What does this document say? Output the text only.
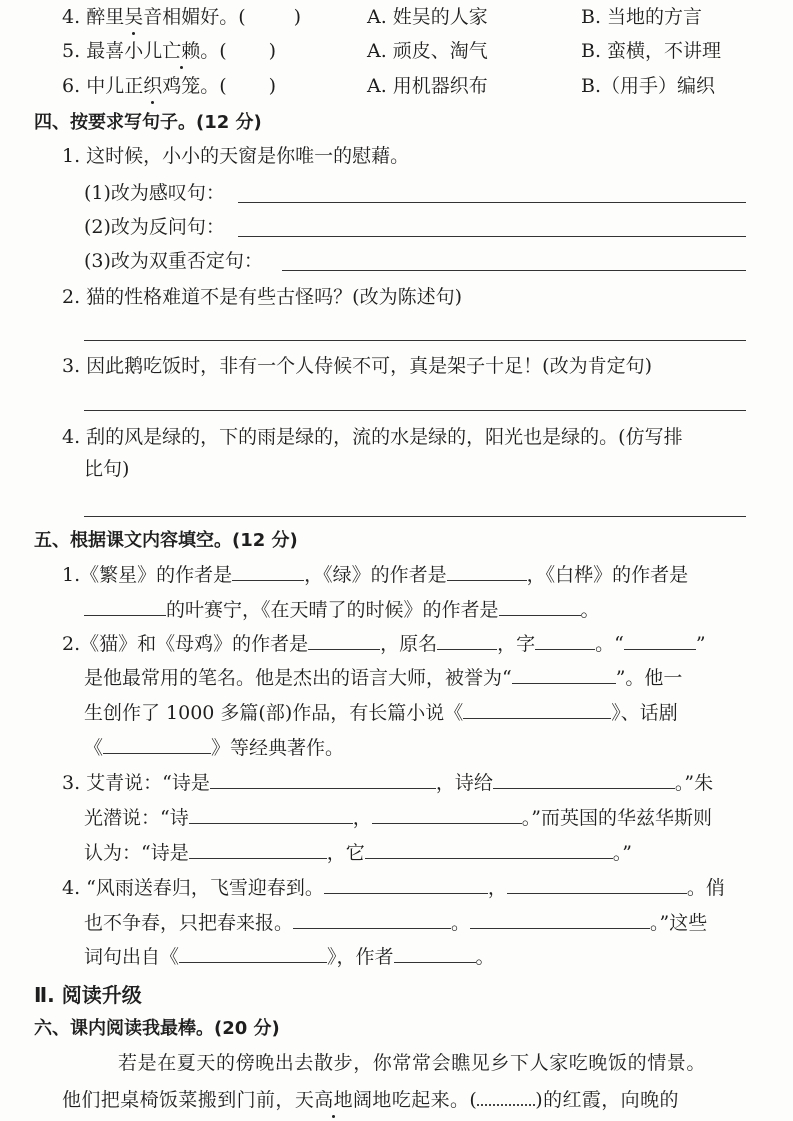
4. 醉里吴音相媚好。(	)	A. 姓吴的人家	B. 当地的方言
5. 最喜小儿亡赖。( )	A. 顽皮、淘气	B. 蛮横，不讲理
6. 中儿正织鸡笼。( )	A. 用机器织布	B.（用手）编织
四、按要求写句子。(12 分)
1. 这时候，小小的天窗是你唯一的慰藉。
(1)改为感叹句：
(2)改为反问句：
(3)改为双重否定句：
2. 猫的性格难道不是有些古怪吗？(改为陈述句)
3. 因此鹅吃饭时，非有一个人侍候不可，真是架子十足！(改为肯定句)
4. 刮的风是绿的，下的雨是绿的，流的水是绿的，阳光也是绿的。(仿写排
比句)
五、根据课文内容填空。(12 分)
1.《繁星》的作者是	，《绿》的作者是	，《白桦》的作者是
的叶赛宁，《在天晴了的时候》的作者是	。
2.《猫》和《母鸡》的作者是	，原名	，字	。“	”
是他最常用的笔名。他是杰出的语言大师，被誉为“	”。他一
生创作了 1000 多篇(部)作品，有长篇小说《	》、话剧
《	》等经典著作。
3. 艾青说：“诗是	，诗给	。”朱
光潜说：“诗	，	。”而英国的华兹华斯则
认为：“诗是	，它	。”
4. “风雨送春归，飞雪迎春到。	，	。俏
也不争春，只把春来报。	。	。”这些
词句出自《	》，作者	。
Ⅱ. 阅读升级
六、课内阅读我最棒。(20 分)
若是在夏天的傍晚出去散步，你常常会瞧见乡下人家吃晚饭的情景。
他们把桌椅饭菜搬到门前，天高地阔地吃起来。(	)的红霞，向晚的
